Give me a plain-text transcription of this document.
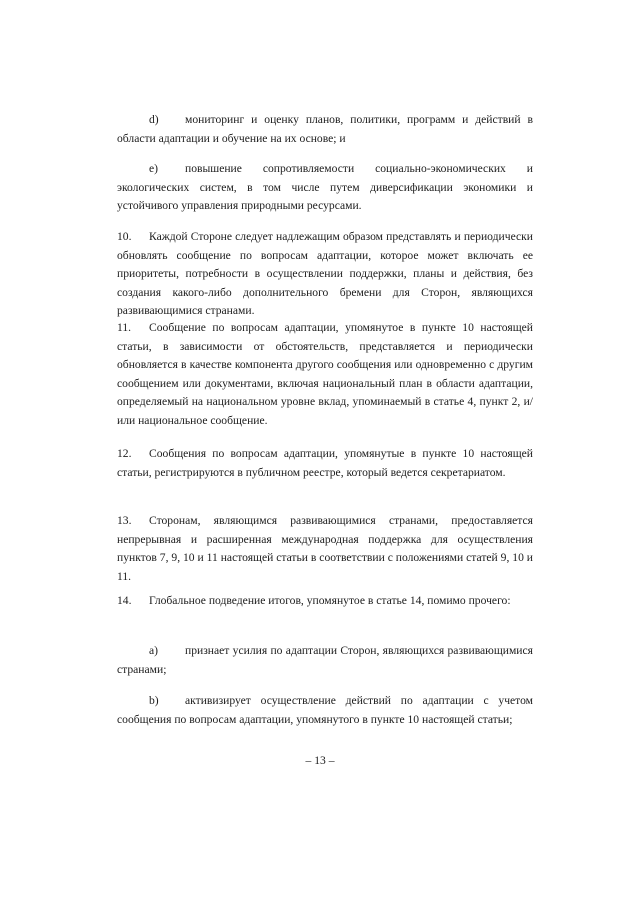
d) мониторинг и оценку планов, политики, программ и действий в области адаптации и обучение на их основе; и

е) повышение сопротивляемости социально-экономических и экологических систем, в том числе путем диверсификации экономики и устойчивого управления природными ресурсами.

10. Каждой Стороне следует надлежащим образом представлять и периодически обновлять сообщение по вопросам адаптации, которое может включать ее приоритеты, потребности в осуществлении поддержки, планы и действия, без создания какого-либо дополнительного бремени для Сторон, являющихся развивающимися странами.

11. Сообщение по вопросам адаптации, упомянутое в пункте 10 настоящей статьи, в зависимости от обстоятельств, представляется и периодически обновляется в качестве компонента другого сообщения или одновременно с другим сообщением или документами, включая национальный план в области адаптации, определяемый на национальном уровне вклад, упоминаемый в статье 4, пункт 2, и/или национальное сообщение.

12. Сообщения по вопросам адаптации, упомянутые в пункте 10 настоящей статьи, регистрируются в публичном реестре, который ведется секретариатом.

13. Сторонам, являющимся развивающимися странами, предоставляется непрерывная и расширенная международная поддержка для осуществления пунктов 7, 9, 10 и 11 настоящей статьи в соответствии с положениями статей 9, 10 и 11.

14. Глобальное подведение итогов, упомянутое в статье 14, помимо прочего:

а) признает усилия по адаптации Сторон, являющихся развивающимися странами;

b) активизирует осуществление действий по адаптации с учетом сообщения по вопросам адаптации, упомянутого в пункте 10 настоящей статьи;

– 13 –
